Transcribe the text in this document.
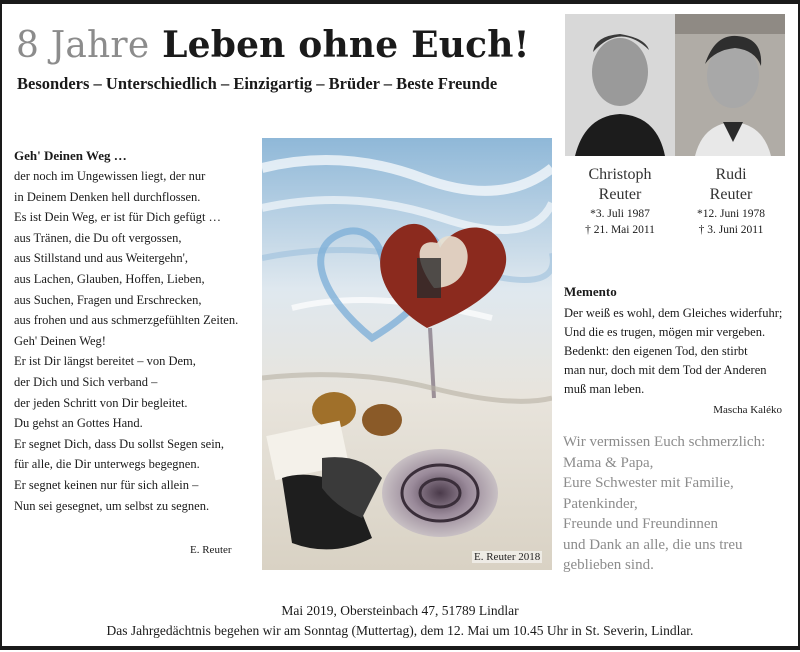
8 Jahre Leben ohne Euch!

Besonders – Unterschiedlich – Einzigartig – Brüder – Beste Freunde

Geh' Deinen Weg …
der noch im Ungewissen liegt, der nur
in Deinem Denken hell durchflossen.
Es ist Dein Weg, er ist für Dich gefügt …
aus Tränen, die Du oft vergossen,
aus Stillstand und aus Weitergehn',
aus Lachen, Glauben, Hoffen, Lieben,
aus Suchen, Fragen und Erschrecken,
aus frohen und aus schmerzgefühlten Zeiten.
Geh' Deinen Weg!
Er ist Dir längst bereitet – von Dem,
der Dich und Sich verband –
der jeden Schritt von Dir begleitet.
Du gehst an Gottes Hand.
Er segnet Dich, dass Du sollst Segen sein,
für alle, die Dir unterwegs begegnen.
Er segnet keinen nur für sich allein –
Nun sei gesegnet, um selbst zu segnen.
E. Reuter
E. Reuter 2018
Christoph
Reuter
*3. Juli 1987
† 21. Mai 2011
Rudi
Reuter
*12. Juni 1978
† 3. Juni 2011
Memento
Der weiß es wohl, dem Gleiches widerfuhr;
Und die es trugen, mögen mir vergeben.
Bedenkt: den eigenen Tod, den stirbt
man nur, doch mit dem Tod der Anderen
muß man leben.
Mascha Kaléko
Wir vermissen Euch schmerzlich:
Mama & Papa,
Eure Schwester mit Familie,
Patenkinder,
Freunde und Freundinnen
und Dank an alle, die uns treu
geblieben sind.
Mai 2019, Obersteinbach 47, 51789 Lindlar
Das Jahrgedächtnis begehen wir am Sonntag (Muttertag), dem 12. Mai um 10.45 Uhr in St. Severin, Lindlar.
